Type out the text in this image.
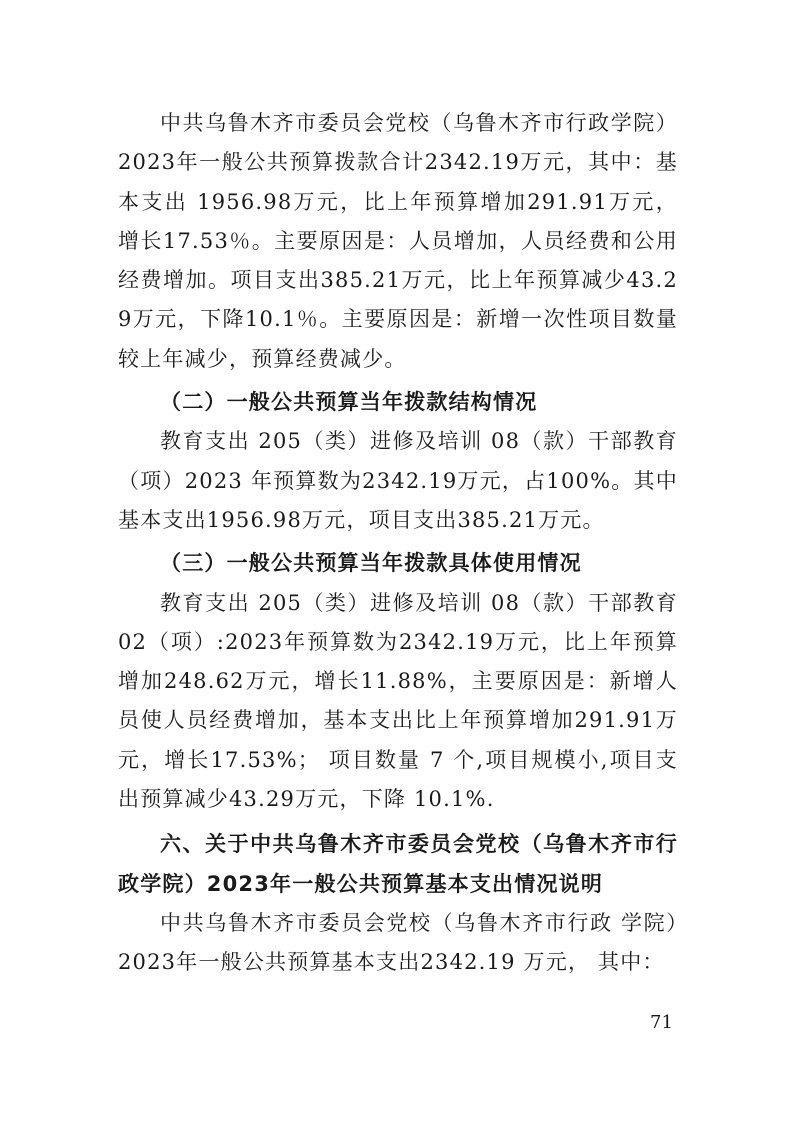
中共乌鲁木齐市委员会党校（乌鲁木齐市行政学院）2023年一般公共预算拨款合计2342.19万元，其中：基本支出 1956.98万元，比上年预算增加291.91万元，增长17.53％。主要原因是：人员增加，人员经费和公用经费增加。项目支出385.21万元，比上年预算减少43.29万元，下降10.1％。主要原因是：新增一次性项目数量较上年减少，预算经费减少。

（二）一般公共预算当年拨款结构情况

教育支出 205（类）进修及培训 08（款）干部教育（项）2023 年预算数为2342.19万元，占100%。其中基本支出1956.98万元，项目支出385.21万元。

（三）一般公共预算当年拨款具体使用情况

教育支出 205（类）进修及培训 08（款）干部教育 02（项）:2023年预算数为2342.19万元，比上年预算增加248.62万元，增长11.88%，主要原因是：新增人员使人员经费增加，基本支出比上年预算增加291.91万元，增长17.53%； 项目数量 7 个,项目规模小,项目支出预算减少43.29万元，下降 10.1%.

六、关于中共乌鲁木齐市委员会党校（乌鲁木齐市行政学院）2023年一般公共预算基本支出情况说明

中共乌鲁木齐市委员会党校（乌鲁木齐市行政 学院）2023年一般公共预算基本支出2342.19 万元， 其中：

71
